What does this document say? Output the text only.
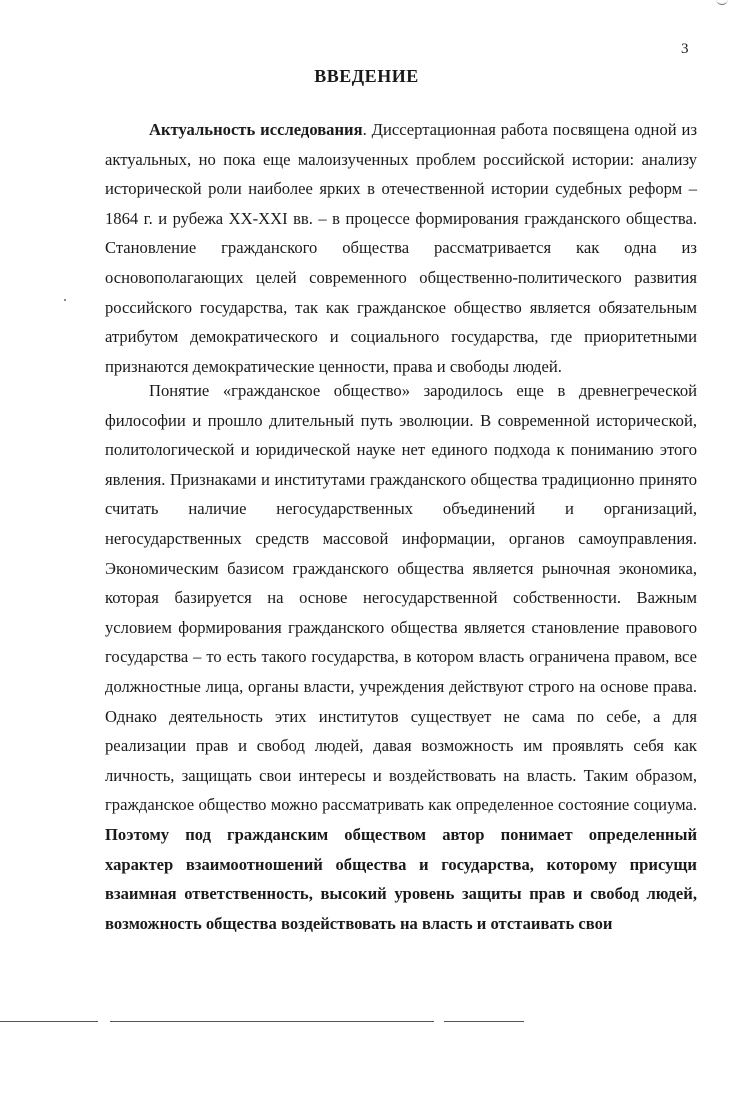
3
ВВЕДЕНИЕ

Актуальность исследования. Диссертационная работа посвящена одной из актуальных, но пока еще малоизученных проблем российской истории: анализу исторической роли наиболее ярких в отечественной истории судебных реформ – 1864 г. и рубежа XX-XXI вв. – в процессе формирования гражданского общества. Становление гражданского общества рассматривается как одна из основополагающих целей современного общественно-политического развития российского государства, так как гражданское общество является обязательным атрибутом демократического и социального государства, где приоритетными признаются демократические ценности, права и свободы людей.

Понятие «гражданское общество» зародилось еще в древнегреческой философии и прошло длительный путь эволюции. В современной исторической, политологической и юридической науке нет единого подхода к пониманию этого явления. Признаками и институтами гражданского общества традиционно принято считать наличие негосударственных объединений и организаций, негосударственных средств массовой информации, органов самоуправления. Экономическим базисом гражданского общества является рыночная экономика, которая базируется на основе негосударственной собственности. Важным условием формирования гражданского общества является становление правового государства – то есть такого государства, в котором власть ограничена правом, все должностные лица, органы власти, учреждения действуют строго на основе права. Однако деятельность этих институтов существует не сама по себе, а для реализации прав и свобод людей, давая возможность им проявлять себя как личность, защищать свои интересы и воздействовать на власть. Таким образом, гражданское общество можно рассматривать как определенное состояние социума. Поэтому под гражданским обществом автор понимает определенный характер взаимоотношений общества и государства, которому присущи взаимная ответственность, высокий уровень защиты прав и свобод людей, возможность общества воздействовать на власть и отстаивать свои
